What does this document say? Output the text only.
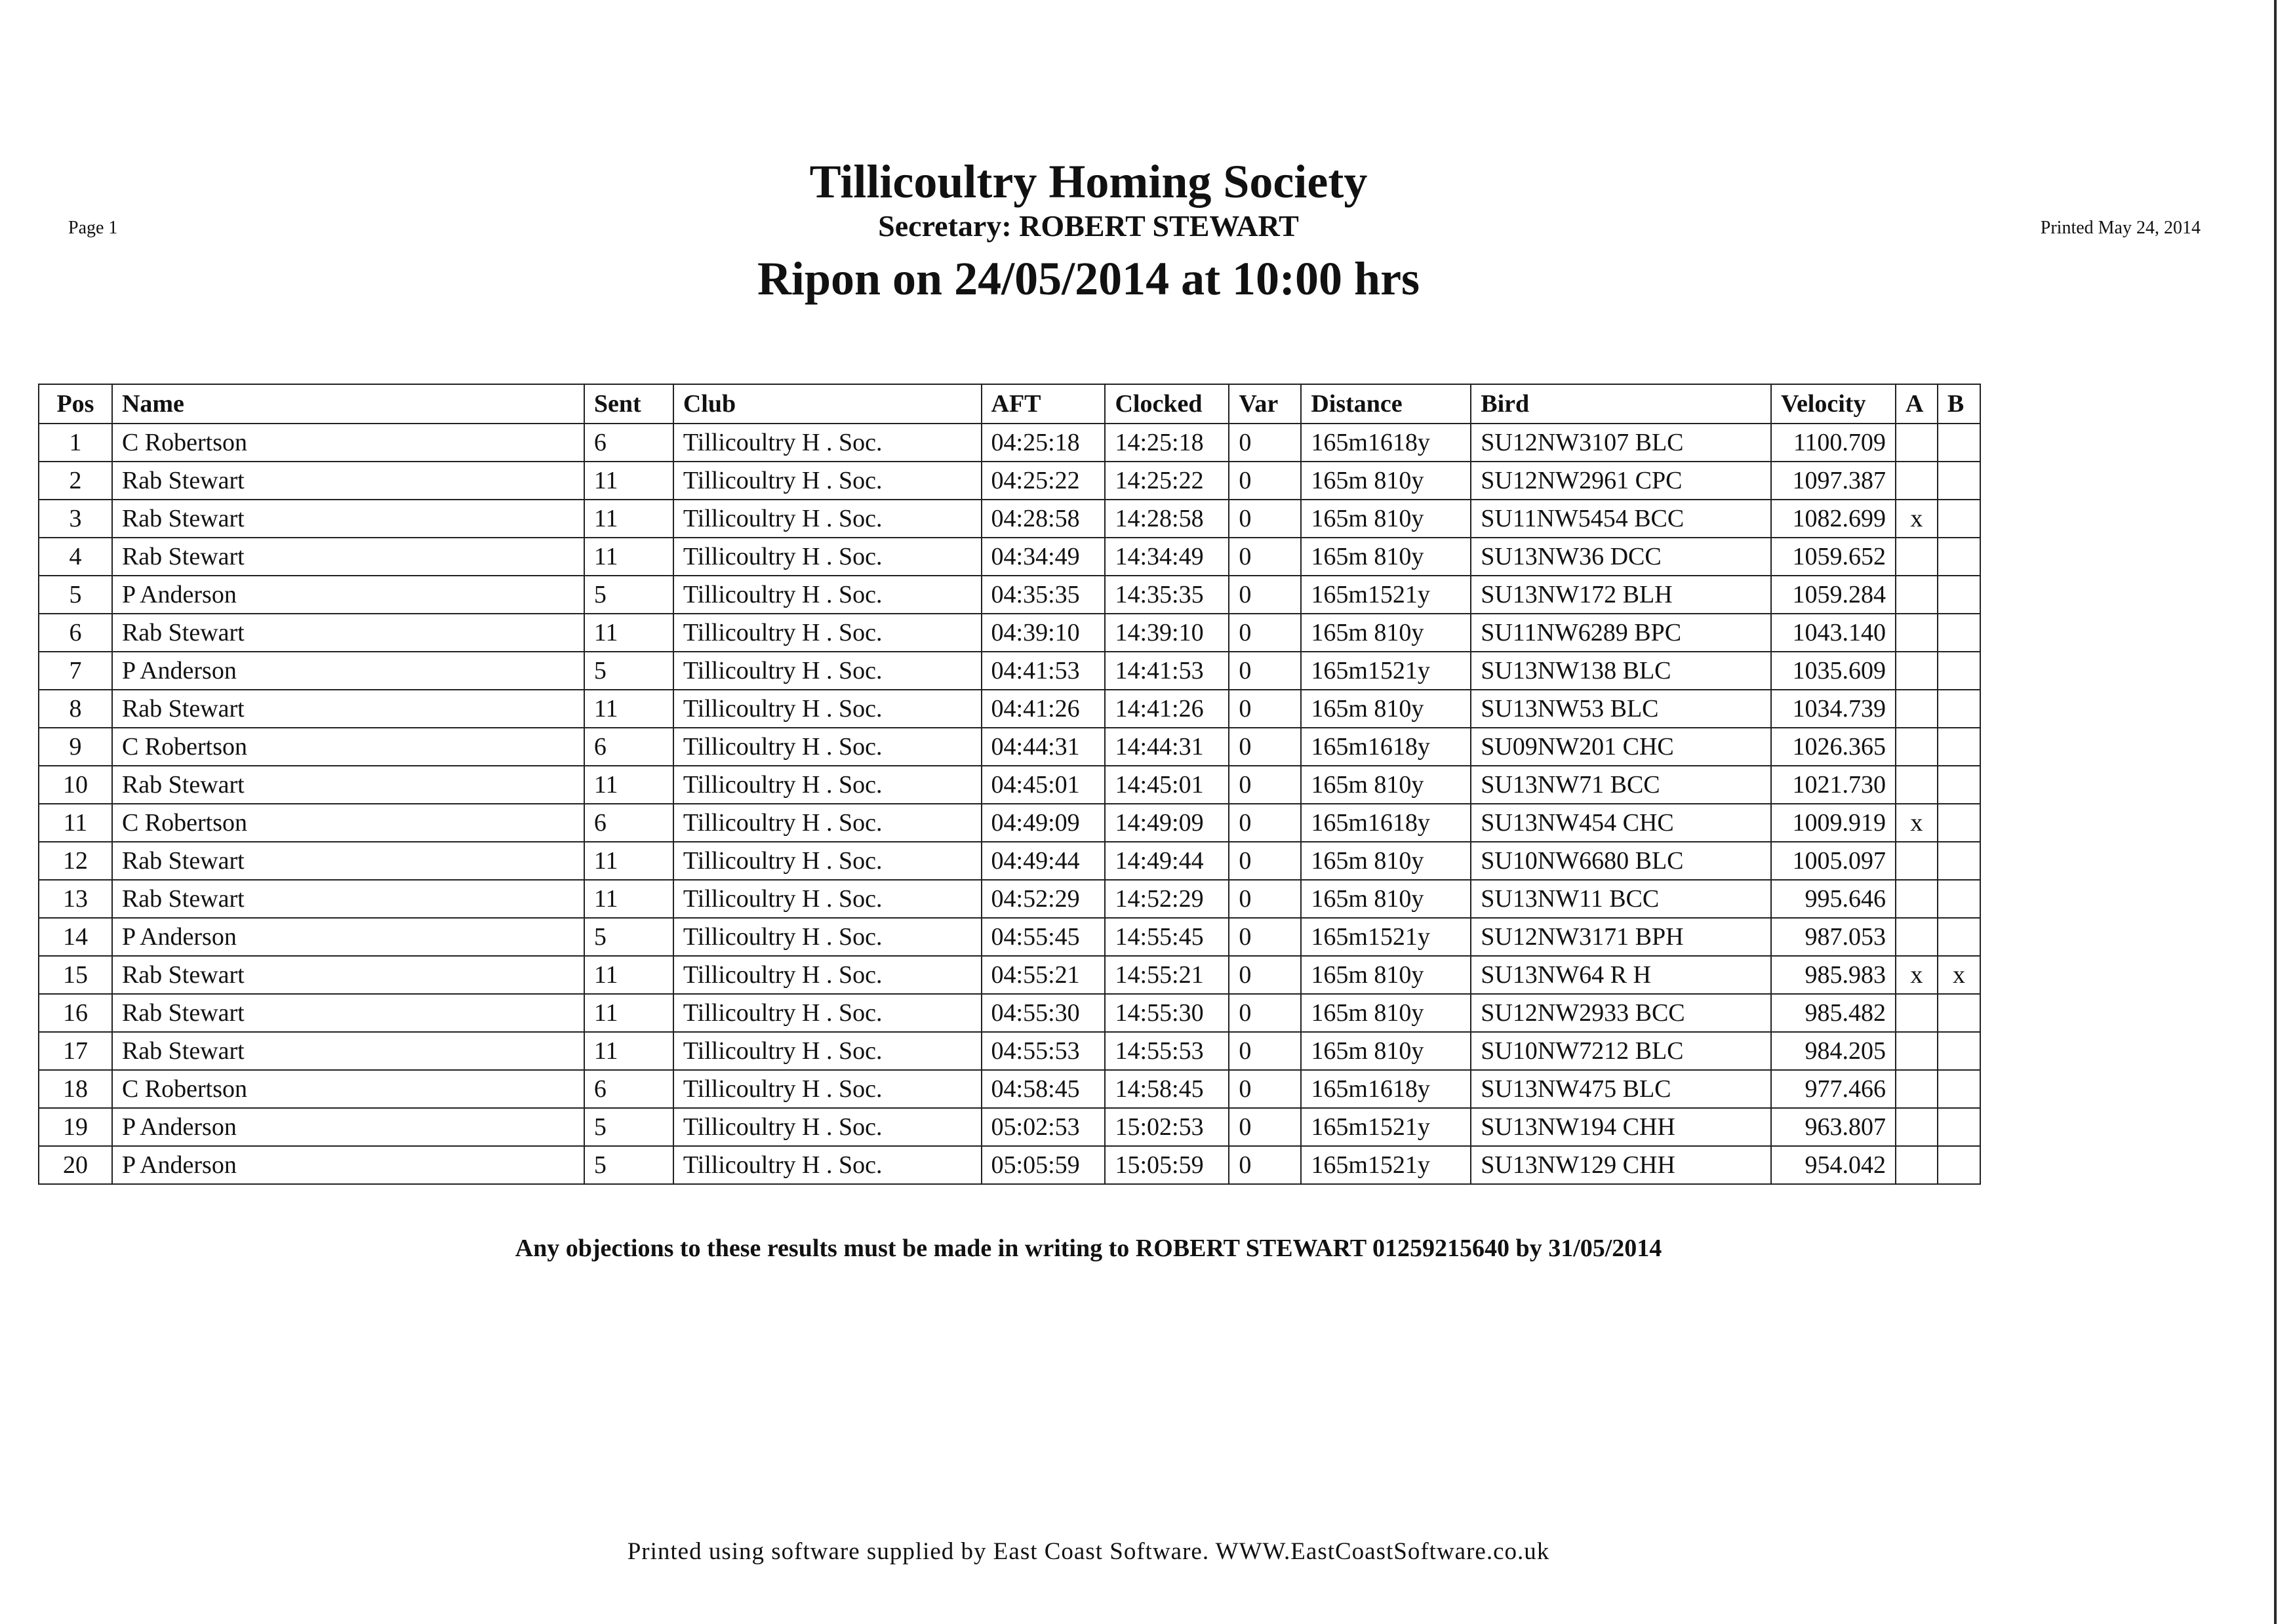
Page 1	Printed May 24, 2014
Tillicoultry Homing Society
Secretary: ROBERT STEWART
Ripon on 24/05/2014 at 10:00 hrs
Pos	Name	Sent	Club	AFT	Clocked	Var	Distance	Bird	Velocity	A	B
1	C Robertson	6	Tillicoultry H . Soc.	04:25:18	14:25:18	0	165m1618y	SU12NW3107 BLC	1100.709		
2	Rab Stewart	11	Tillicoultry H . Soc.	04:25:22	14:25:22	0	165m 810y	SU12NW2961 CPC	1097.387		
3	Rab Stewart	11	Tillicoultry H . Soc.	04:28:58	14:28:58	0	165m 810y	SU11NW5454 BCC	1082.699	x	
4	Rab Stewart	11	Tillicoultry H . Soc.	04:34:49	14:34:49	0	165m 810y	SU13NW36 DCC	1059.652		
5	P Anderson	5	Tillicoultry H . Soc.	04:35:35	14:35:35	0	165m1521y	SU13NW172 BLH	1059.284		
6	Rab Stewart	11	Tillicoultry H . Soc.	04:39:10	14:39:10	0	165m 810y	SU11NW6289 BPC	1043.140		
7	P Anderson	5	Tillicoultry H . Soc.	04:41:53	14:41:53	0	165m1521y	SU13NW138 BLC	1035.609		
8	Rab Stewart	11	Tillicoultry H . Soc.	04:41:26	14:41:26	0	165m 810y	SU13NW53 BLC	1034.739		
9	C Robertson	6	Tillicoultry H . Soc.	04:44:31	14:44:31	0	165m1618y	SU09NW201 CHC	1026.365		
10	Rab Stewart	11	Tillicoultry H . Soc.	04:45:01	14:45:01	0	165m 810y	SU13NW71 BCC	1021.730		
11	C Robertson	6	Tillicoultry H . Soc.	04:49:09	14:49:09	0	165m1618y	SU13NW454 CHC	1009.919	x	
12	Rab Stewart	11	Tillicoultry H . Soc.	04:49:44	14:49:44	0	165m 810y	SU10NW6680 BLC	1005.097		
13	Rab Stewart	11	Tillicoultry H . Soc.	04:52:29	14:52:29	0	165m 810y	SU13NW11 BCC	995.646		
14	P Anderson	5	Tillicoultry H . Soc.	04:55:45	14:55:45	0	165m1521y	SU12NW3171 BPH	987.053		
15	Rab Stewart	11	Tillicoultry H . Soc.	04:55:21	14:55:21	0	165m 810y	SU13NW64 R H	985.983	x	x
16	Rab Stewart	11	Tillicoultry H . Soc.	04:55:30	14:55:30	0	165m 810y	SU12NW2933 BCC	985.482		
17	Rab Stewart	11	Tillicoultry H . Soc.	04:55:53	14:55:53	0	165m 810y	SU10NW7212 BLC	984.205		
18	C Robertson	6	Tillicoultry H . Soc.	04:58:45	14:58:45	0	165m1618y	SU13NW475 BLC	977.466		
19	P Anderson	5	Tillicoultry H . Soc.	05:02:53	15:02:53	0	165m1521y	SU13NW194 CHH	963.807		
20	P Anderson	5	Tillicoultry H . Soc.	05:05:59	15:05:59	0	165m1521y	SU13NW129 CHH	954.042		
Any objections to these results must be made in writing to ROBERT STEWART 01259215640 by 31/05/2014
Printed using software supplied by East Coast Software. WWW.EastCoastSoftware.co.uk
